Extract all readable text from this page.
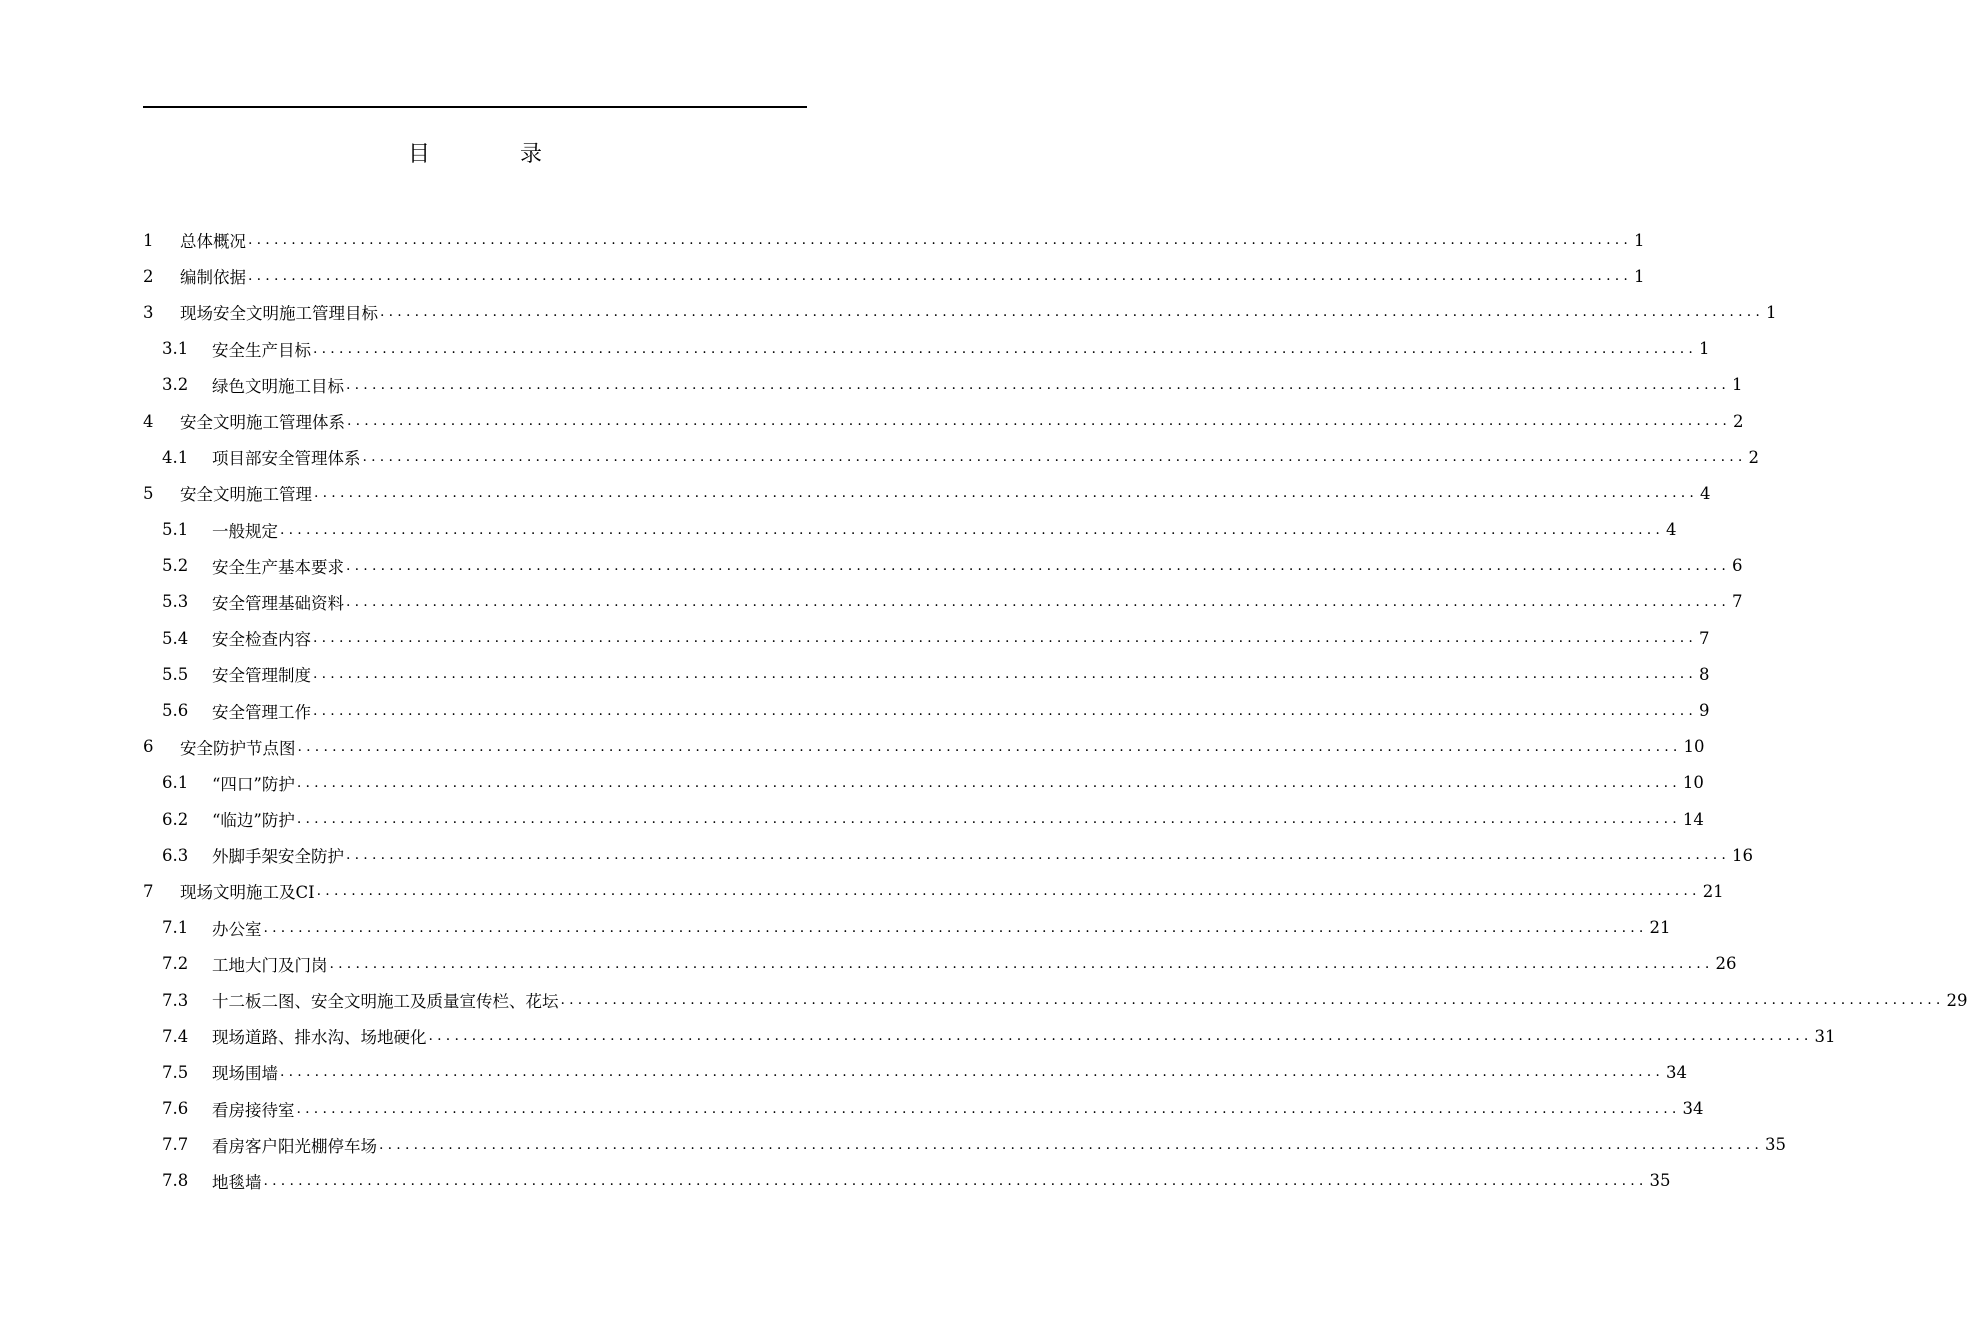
目　录
1	总体概况 ................................................................................................................................................................ 1
2	编制依据 ................................................................................................................................................................ 1
3	现场安全文明施工管理目标 ................................................................................................................................................................ 1
3.1	安全生产目标 ................................................................................................................................................................ 1
3.2	绿色文明施工目标 ................................................................................................................................................................ 1
4	安全文明施工管理体系 ................................................................................................................................................................ 2
4.1	项目部安全管理体系 ................................................................................................................................................................ 2
5	安全文明施工管理 ................................................................................................................................................................ 4
5.1	一般规定 ................................................................................................................................................................ 4
5.2	安全生产基本要求 ................................................................................................................................................................ 6
5.3	安全管理基础资料 ................................................................................................................................................................ 7
5.4	安全检查内容 ................................................................................................................................................................ 7
5.5	安全管理制度 ................................................................................................................................................................ 8
5.6	安全管理工作 ................................................................................................................................................................ 9
6	安全防护节点图 ................................................................................................................................................................ 10
6.1	“四口”防护 ................................................................................................................................................................ 10
6.2	“临边”防护 ................................................................................................................................................................ 14
6.3	外脚手架安全防护 ................................................................................................................................................................ 16
7	现场文明施工及CI ................................................................................................................................................................ 21
7.1	办公室 ................................................................................................................................................................ 21
7.2	工地大门及门岗 ................................................................................................................................................................ 26
7.3	十二板二图、安全文明施工及质量宣传栏、花坛 ................................................................................................................................................................ 29
7.4	现场道路、排水沟、场地硬化 ................................................................................................................................................................ 31
7.5	现场围墙 ................................................................................................................................................................ 34
7.6	看房接待室 ................................................................................................................................................................ 34
7.7	看房客户阳光棚停车场 ................................................................................................................................................................ 35
7.8	地毯墙 ................................................................................................................................................................ 35
